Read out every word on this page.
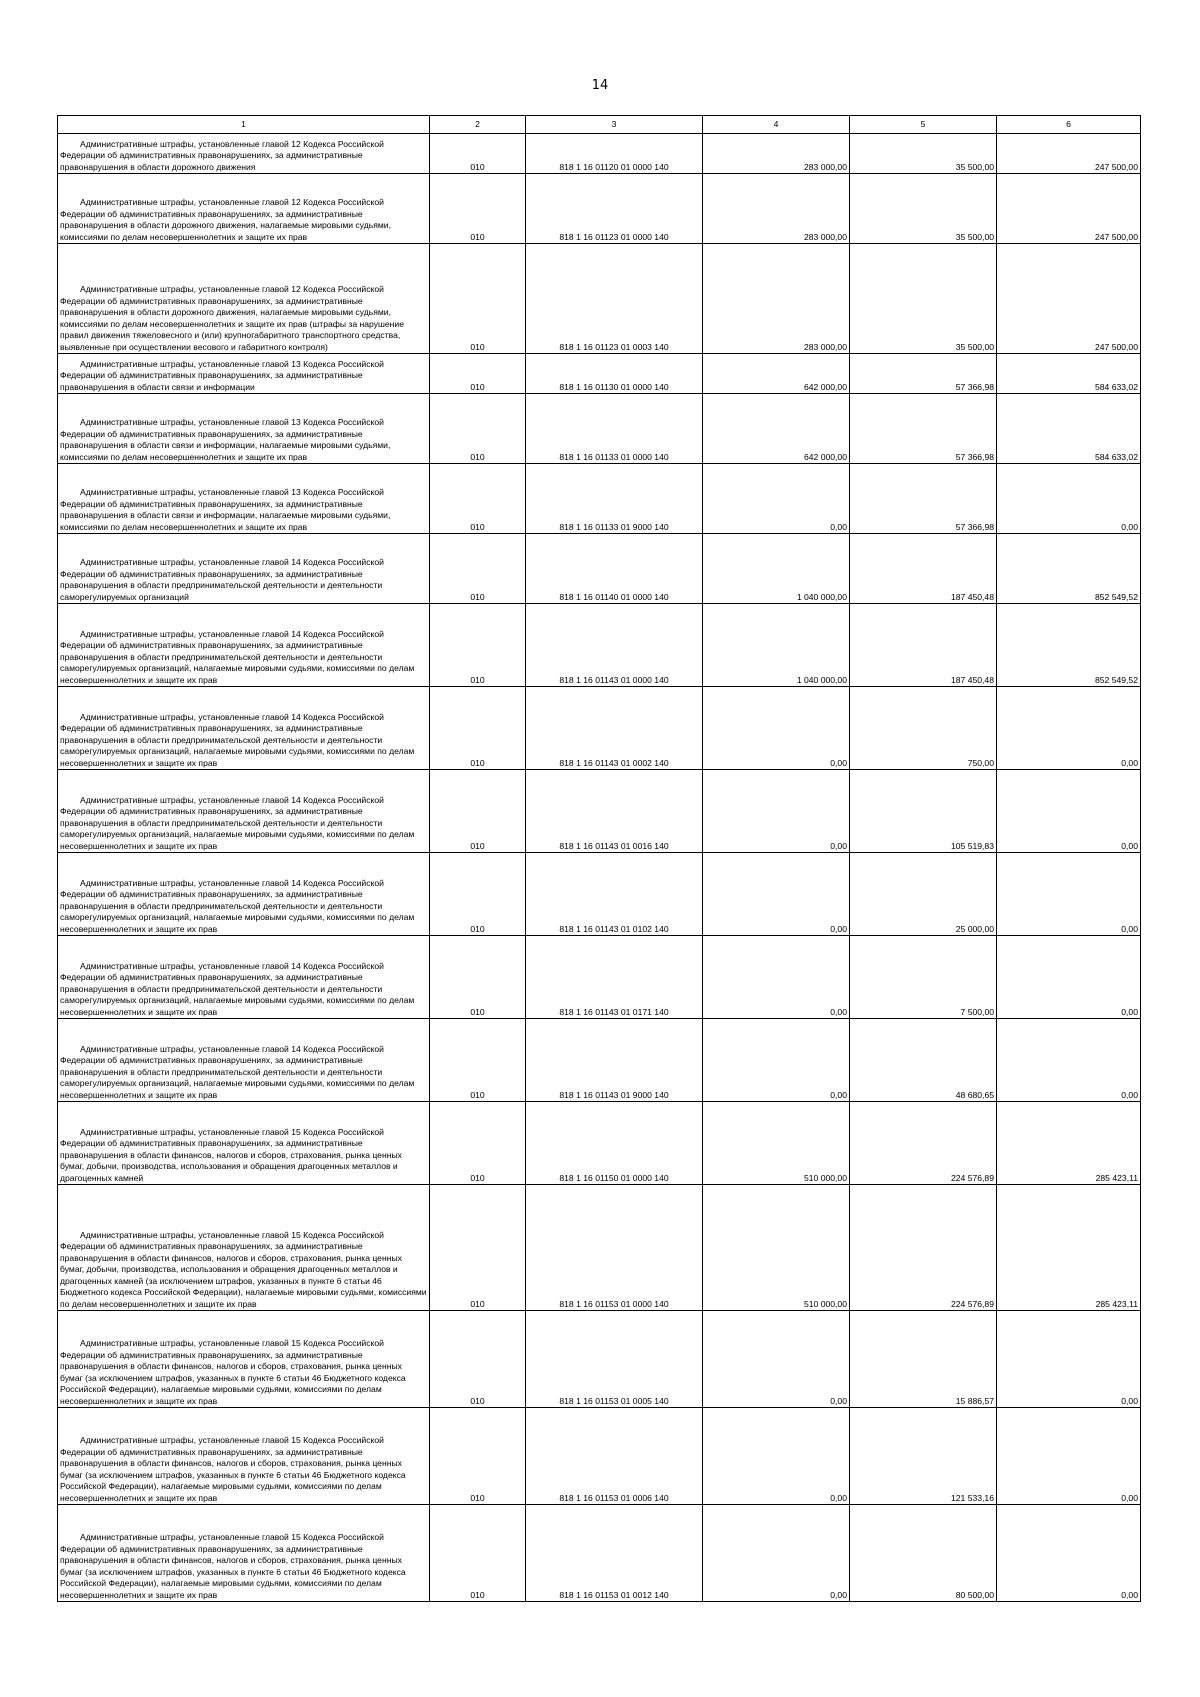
14
1	2	3	4	5	6
Административные штрафы, установленные главой 12 Кодекса Российской Федерации об административных правонарушениях, за административные правонарушения в области дорожного движения	010	818 1 16 01120 01 0000 140	283 000,00	35 500,00	247 500,00
Административные штрафы, установленные главой 12 Кодекса Российской Федерации об административных правонарушениях, за административные правонарушения в области дорожного движения, налагаемые мировыми судьями, комиссиями по делам несовершеннолетних и защите их прав	010	818 1 16 01123 01 0000 140	283 000,00	35 500,00	247 500,00
Административные штрафы, установленные главой 12 Кодекса Российской Федерации об административных правонарушениях, за административные правонарушения в области дорожного движения, налагаемые мировыми судьями, комиссиями по делам несовершеннолетних и защите их прав (штрафы за нарушение правил движения тяжеловесного и (или) крупногабаритного транспортного средства, выявленные при осуществлении весового и габаритного контроля)	010	818 1 16 01123 01 0003 140	283 000,00	35 500,00	247 500,00
Административные штрафы, установленные главой 13 Кодекса Российской Федерации об административных правонарушениях, за административные правонарушения в области связи и информации	010	818 1 16 01130 01 0000 140	642 000,00	57 366,98	584 633,02
Административные штрафы, установленные главой 13 Кодекса Российской Федерации об административных правонарушениях, за административные правонарушения в области связи и информации, налагаемые мировыми судьями, комиссиями по делам несовершеннолетних и защите их прав	010	818 1 16 01133 01 0000 140	642 000,00	57 366,98	584 633,02
Административные штрафы, установленные главой 13 Кодекса Российской Федерации об административных правонарушениях, за административные правонарушения в области связи и информации, налагаемые мировыми судьями, комиссиями по делам несовершеннолетних и защите их прав	010	818 1 16 01133 01 9000 140	0,00	57 366,98	0,00
Административные штрафы, установленные главой 14 Кодекса Российской Федерации об административных правонарушениях, за административные правонарушения в области предпринимательской деятельности и деятельности саморегулируемых организаций	010	818 1 16 01140 01 0000 140	1 040 000,00	187 450,48	852 549,52
Административные штрафы, установленные главой 14 Кодекса Российской Федерации об административных правонарушениях, за административные правонарушения в области предпринимательской деятельности и деятельности саморегулируемых организаций, налагаемые мировыми судьями, комиссиями по делам несовершеннолетних и защите их прав	010	818 1 16 01143 01 0000 140	1 040 000,00	187 450,48	852 549,52
Административные штрафы, установленные главой 14 Кодекса Российской Федерации об административных правонарушениях, за административные правонарушения в области предпринимательской деятельности и деятельности саморегулируемых организаций, налагаемые мировыми судьями, комиссиями по делам несовершеннолетних и защите их прав	010	818 1 16 01143 01 0002 140	0,00	750,00	0,00
Административные штрафы, установленные главой 14 Кодекса Российской Федерации об административных правонарушениях, за административные правонарушения в области предпринимательской деятельности и деятельности саморегулируемых организаций, налагаемые мировыми судьями, комиссиями по делам несовершеннолетних и защите их прав	010	818 1 16 01143 01 0016 140	0,00	105 519,83	0,00
Административные штрафы, установленные главой 14 Кодекса Российской Федерации об административных правонарушениях, за административные правонарушения в области предпринимательской деятельности и деятельности саморегулируемых организаций, налагаемые мировыми судьями, комиссиями по делам несовершеннолетних и защите их прав	010	818 1 16 01143 01 0102 140	0,00	25 000,00	0,00
Административные штрафы, установленные главой 14 Кодекса Российской Федерации об административных правонарушениях, за административные правонарушения в области предпринимательской деятельности и деятельности саморегулируемых организаций, налагаемые мировыми судьями, комиссиями по делам несовершеннолетних и защите их прав	010	818 1 16 01143 01 0171 140	0,00	7 500,00	0,00
Административные штрафы, установленные главой 14 Кодекса Российской Федерации об административных правонарушениях, за административные правонарушения в области предпринимательской деятельности и деятельности саморегулируемых организаций, налагаемые мировыми судьями, комиссиями по делам несовершеннолетних и защите их прав	010	818 1 16 01143 01 9000 140	0,00	48 680,65	0,00
Административные штрафы, установленные главой 15 Кодекса Российской Федерации об административных правонарушениях, за административные правонарушения в области финансов, налогов и сборов, страхования, рынка ценных бумаг, добычи, производства, использования и обращения драгоценных металлов и драгоценных камней	010	818 1 16 01150 01 0000 140	510 000,00	224 576,89	285 423,11
Административные штрафы, установленные главой 15 Кодекса Российской Федерации об административных правонарушениях, за административные правонарушения в области финансов, налогов и сборов, страхования, рынка ценных бумаг, добычи, производства, использования и обращения драгоценных металлов и драгоценных камней (за исключением штрафов, указанных в пункте 6 статьи 46 Бюджетного кодекса Российской Федерации), налагаемые мировыми судьями, комиссиями по делам несовершеннолетних и защите их прав	010	818 1 16 01153 01 0000 140	510 000,00	224 576,89	285 423,11
Административные штрафы, установленные главой 15 Кодекса Российской Федерации об административных правонарушениях, за административные правонарушения в области финансов, налогов и сборов, страхования, рынка ценных бумаг (за исключением штрафов, указанных в пункте 6 статьи 46 Бюджетного кодекса Российской Федерации), налагаемые мировыми судьями, комиссиями по делам несовершеннолетних и защите их прав	010	818 1 16 01153 01 0005 140	0,00	15 886,57	0,00
Административные штрафы, установленные главой 15 Кодекса Российской Федерации об административных правонарушениях, за административные правонарушения в области финансов, налогов и сборов, страхования, рынка ценных бумаг (за исключением штрафов, указанных в пункте 6 статьи 46 Бюджетного кодекса Российской Федерации), налагаемые мировыми судьями, комиссиями по делам несовершеннолетних и защите их прав	010	818 1 16 01153 01 0006 140	0,00	121 533,16	0,00
Административные штрафы, установленные главой 15 Кодекса Российской Федерации об административных правонарушениях, за административные правонарушения в области финансов, налогов и сборов, страхования, рынка ценных бумаг (за исключением штрафов, указанных в пункте 6 статьи 46 Бюджетного кодекса Российской Федерации), налагаемые мировыми судьями, комиссиями по делам несовершеннолетних и защите их прав	010	818 1 16 01153 01 0012 140	0,00	80 500,00	0,00
